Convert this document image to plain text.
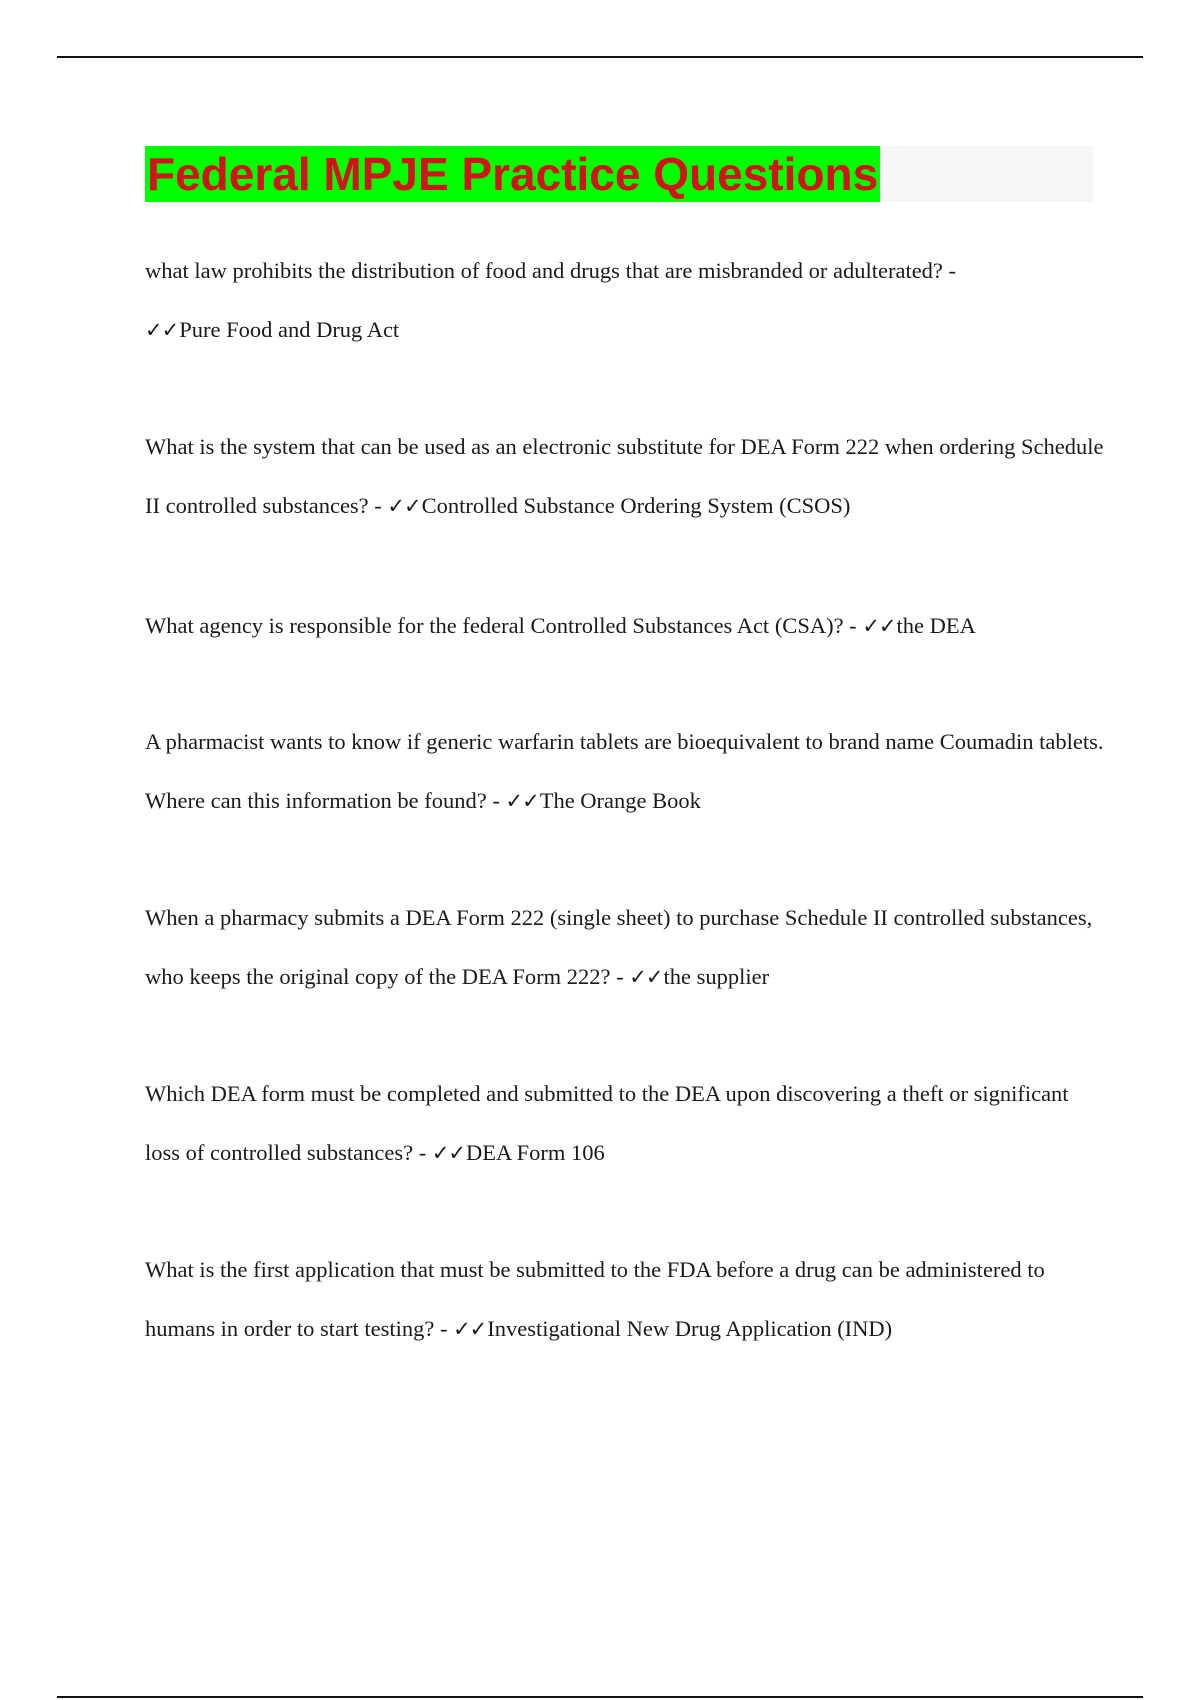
Federal MPJE Practice Questions
what law prohibits the distribution of food and drugs that are misbranded or adulterated? -
✓✓Pure Food and Drug Act
What is the system that can be used as an electronic substitute for DEA Form 222 when ordering Schedule II controlled substances? - ✓✓Controlled Substance Ordering System (CSOS)
What agency is responsible for the federal Controlled Substances Act (CSA)? - ✓✓the DEA
A pharmacist wants to know if generic warfarin tablets are bioequivalent to brand name Coumadin tablets. Where can this information be found? - ✓✓The Orange Book
When a pharmacy submits a DEA Form 222 (single sheet) to purchase Schedule II controlled substances, who keeps the original copy of the DEA Form 222? - ✓✓the supplier
Which DEA form must be completed and submitted to the DEA upon discovering a theft or significant loss of controlled substances? - ✓✓DEA Form 106
What is the first application that must be submitted to the FDA before a drug can be administered to humans in order to start testing? - ✓✓Investigational New Drug Application (IND)
